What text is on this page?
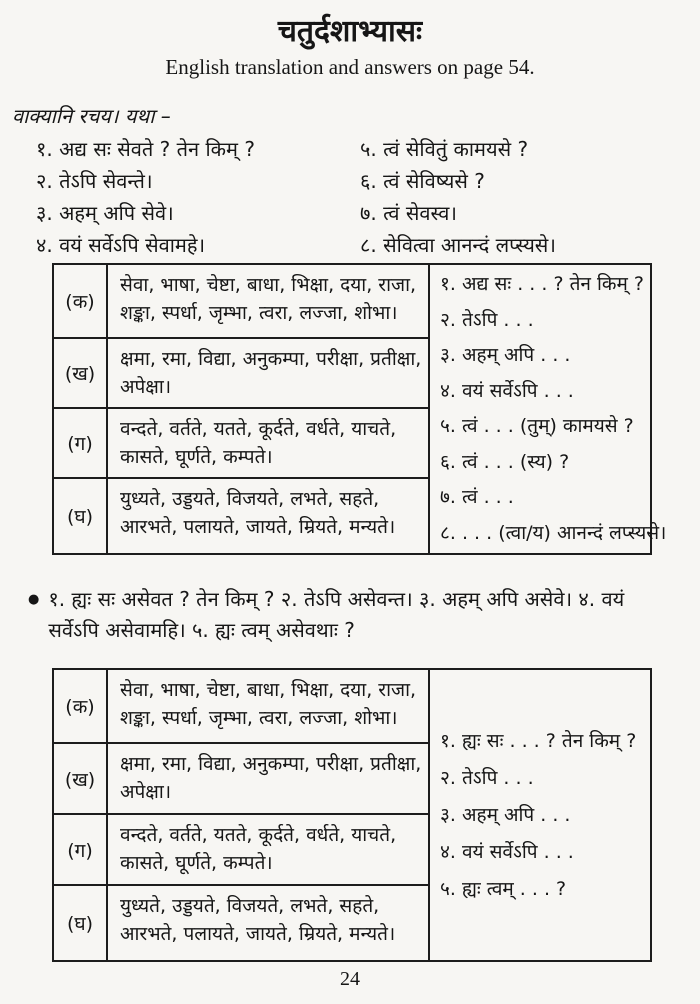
चतुर्दशाभ्यासः
English translation and answers on page 54.
वाक्यानि रचय। यथा –
१. अद्य सः सेवते ? तेन किम् ?
२. तेऽपि सेवन्ते।
३. अहम् अपि सेवे।
४. वयं सर्वेऽपि सेवामहे।
५. त्वं सेवितुं कामयसे ?
६. त्वं सेविष्यसे ?
७. त्वं सेवस्व।
८. सेवित्वा आनन्दं लप्स्यसे।
(क)
सेवा, भाषा, चेष्टा, बाधा, भिक्षा, दया, राजा, शङ्का, स्पर्धा, जृम्भा, त्वरा, लज्जा, शोभा।
१. अद्य सः . . . ? तेन किम् ?
२. तेऽपि . . .
३. अहम् अपि . . .
४. वयं सर्वेऽपि . . .
५. त्वं . . . (तुम्) कामयसे ?
६. त्वं . . . (स्य) ?
७. त्वं . . .
८. . . . (त्वा/य) आनन्दं लप्स्यसे।
(ख)
क्षमा, रमा, विद्या, अनुकम्पा, परीक्षा, प्रतीक्षा, अपेक्षा।
(ग)
वन्दते, वर्तते, यतते, कूर्दते, वर्धते, याचते, कासते, घूर्णते, कम्पते।
(घ)
युध्यते, उड्डयते, विजयते, लभते, सहते, आरभते, पलायते, जायते, म्रियते, मन्यते।
● १. ह्यः सः असेवत ? तेन किम् ? २. तेऽपि असेवन्त। ३. अहम् अपि असेवे। ४. वयं सर्वेऽपि असेवामहि। ५. ह्यः त्वम् असेवथाः ?
(क)
सेवा, भाषा, चेष्टा, बाधा, भिक्षा, दया, राजा, शङ्का, स्पर्धा, जृम्भा, त्वरा, लज्जा, शोभा।
१. ह्यः सः . . . ? तेन किम् ?
२. तेऽपि . . .
३. अहम् अपि . . .
४. वयं सर्वेऽपि . . .
५. ह्यः त्वम् . . . ?
(ख)
क्षमा, रमा, विद्या, अनुकम्पा, परीक्षा, प्रतीक्षा, अपेक्षा।
(ग)
वन्दते, वर्तते, यतते, कूर्दते, वर्धते, याचते, कासते, घूर्णते, कम्पते।
(घ)
युध्यते, उड्डयते, विजयते, लभते, सहते, आरभते, पलायते, जायते, म्रियते, मन्यते।
24
